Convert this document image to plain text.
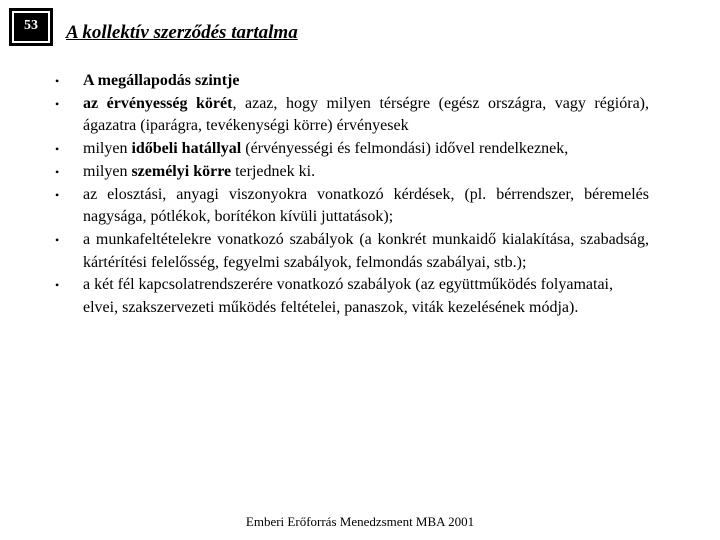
53	A kollektív szerződés tartalma
•	A megállapodás szintje
•	az érvényesség körét, azaz, hogy milyen térségre (egész országra, vagy régióra), ágazatra (iparágra, tevékenységi körre) érvényesek
•	milyen időbeli hatállyal (érvényességi és felmondási) idővel rendelkeznek,
•	milyen személyi körre terjednek ki.
•	az elosztási, anyagi viszonyokra vonatkozó kérdések, (pl. bérrendszer, béremelés nagysága, pótlékok, borítékon kívüli juttatások);
•	a munkafeltételekre vonatkozó szabályok (a konkrét munkaidő kialakítása, szabadság, kártérítési felelősség, fegyelmi szabályok, felmondás szabályai, stb.);
•	a két fél kapcsolatrendszerére vonatkozó szabályok (az együttműködés folyamatai, elvei, szakszervezeti működés feltételei, panaszok, viták kezelésének módja).
Emberi Erőforrás Menedzsment MBA 2001
